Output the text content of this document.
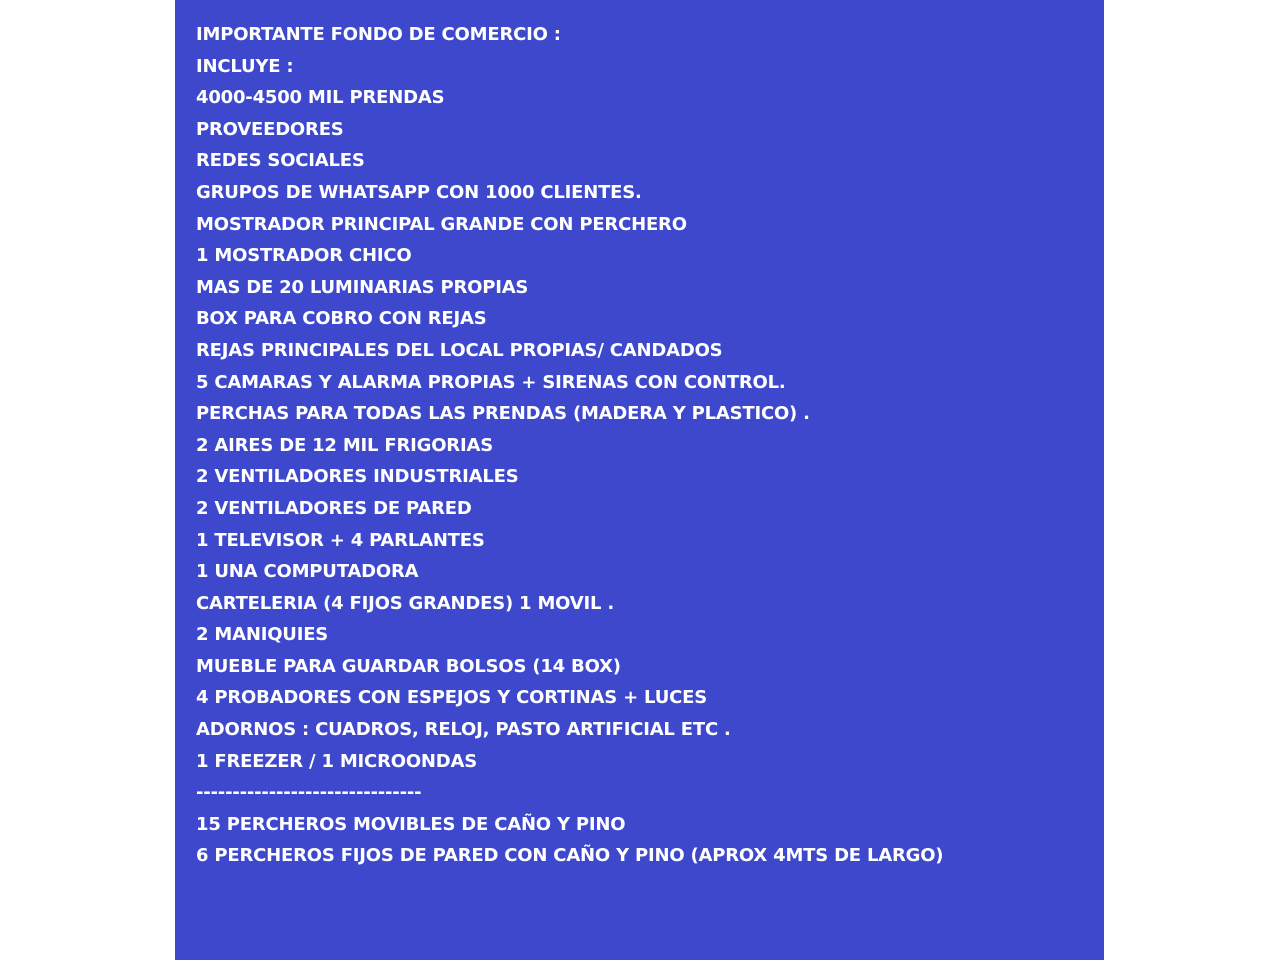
IMPORTANTE FONDO DE COMERCIO :
INCLUYE :
4000-4500 MIL PRENDAS
PROVEEDORES
REDES SOCIALES
GRUPOS DE WHATSAPP CON 1000 CLIENTES.
MOSTRADOR PRINCIPAL GRANDE CON PERCHERO
1 MOSTRADOR CHICO
MAS DE 20 LUMINARIAS PROPIAS
BOX PARA COBRO CON REJAS
REJAS PRINCIPALES DEL LOCAL PROPIAS/ CANDADOS
5 CAMARAS Y ALARMA PROPIAS + SIRENAS CON CONTROL.
PERCHAS PARA TODAS LAS PRENDAS (MADERA Y PLASTICO) .
2 AIRES DE 12 MIL FRIGORIAS
2 VENTILADORES INDUSTRIALES
2 VENTILADORES DE PARED
1 TELEVISOR + 4 PARLANTES
1 UNA COMPUTADORA
CARTELERIA (4 FIJOS GRANDES) 1 MOVIL .
2 MANIQUIES
MUEBLE PARA GUARDAR BOLSOS (14 BOX)
4 PROBADORES CON ESPEJOS Y CORTINAS + LUCES
ADORNOS : CUADROS, RELOJ, PASTO ARTIFICIAL ETC .
1 FREEZER / 1 MICROONDAS
-------------------------------
15 PERCHEROS MOVIBLES DE CAÑO Y PINO
6 PERCHEROS FIJOS DE PARED CON CAÑO Y PINO (APROX 4MTS DE LARGO)
